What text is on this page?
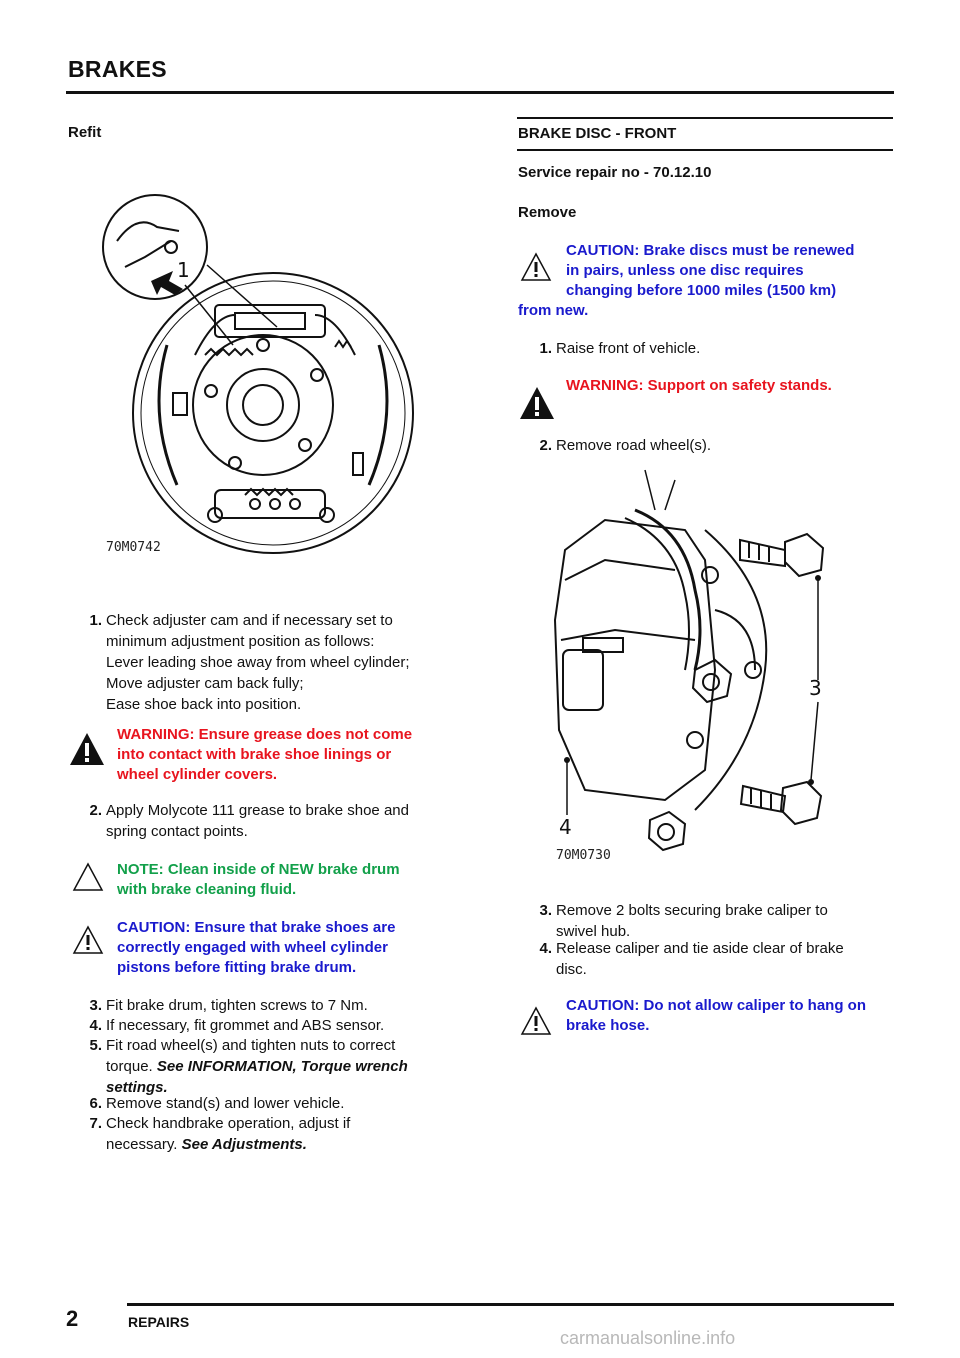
BRAKES
Refit
1
70M0742
1. Check adjuster cam and if necessary set to
minimum adjustment position as follows:
Lever leading shoe away from wheel cylinder;
Move adjuster cam back fully;
Ease shoe back into position.
WARNING: Ensure grease does not come
into contact with brake shoe linings or
wheel cylinder covers.
2. Apply Molycote 111 grease to brake shoe and
spring contact points.
NOTE: Clean inside of NEW brake drum
with brake cleaning fluid.
CAUTION: Ensure that brake shoes are
correctly engaged with wheel cylinder
pistons before fitting brake drum.
3. Fit brake drum, tighten screws to 7 Nm.
4. If necessary, fit grommet and ABS sensor.
5. Fit road wheel(s) and tighten nuts to correct
torque. See INFORMATION, Torque wrench
settings.
6. Remove stand(s) and lower vehicle.
7. Check handbrake operation, adjust if
necessary. See Adjustments.
BRAKE DISC - FRONT
Service repair no - 70.12.10
Remove
CAUTION: Brake discs must be renewed
in pairs, unless one disc requires
changing before 1000 miles (1500 km)
from new.
1. Raise front of vehicle.
WARNING: Support on safety stands.
2. Remove road wheel(s).
3
4
70M0730
3. Remove 2 bolts securing brake caliper to
swivel hub.
4. Release caliper and tie aside clear of brake
disc.
CAUTION: Do not allow caliper to hang on
brake hose.
2	REPAIRS
carmanualsonline.info
